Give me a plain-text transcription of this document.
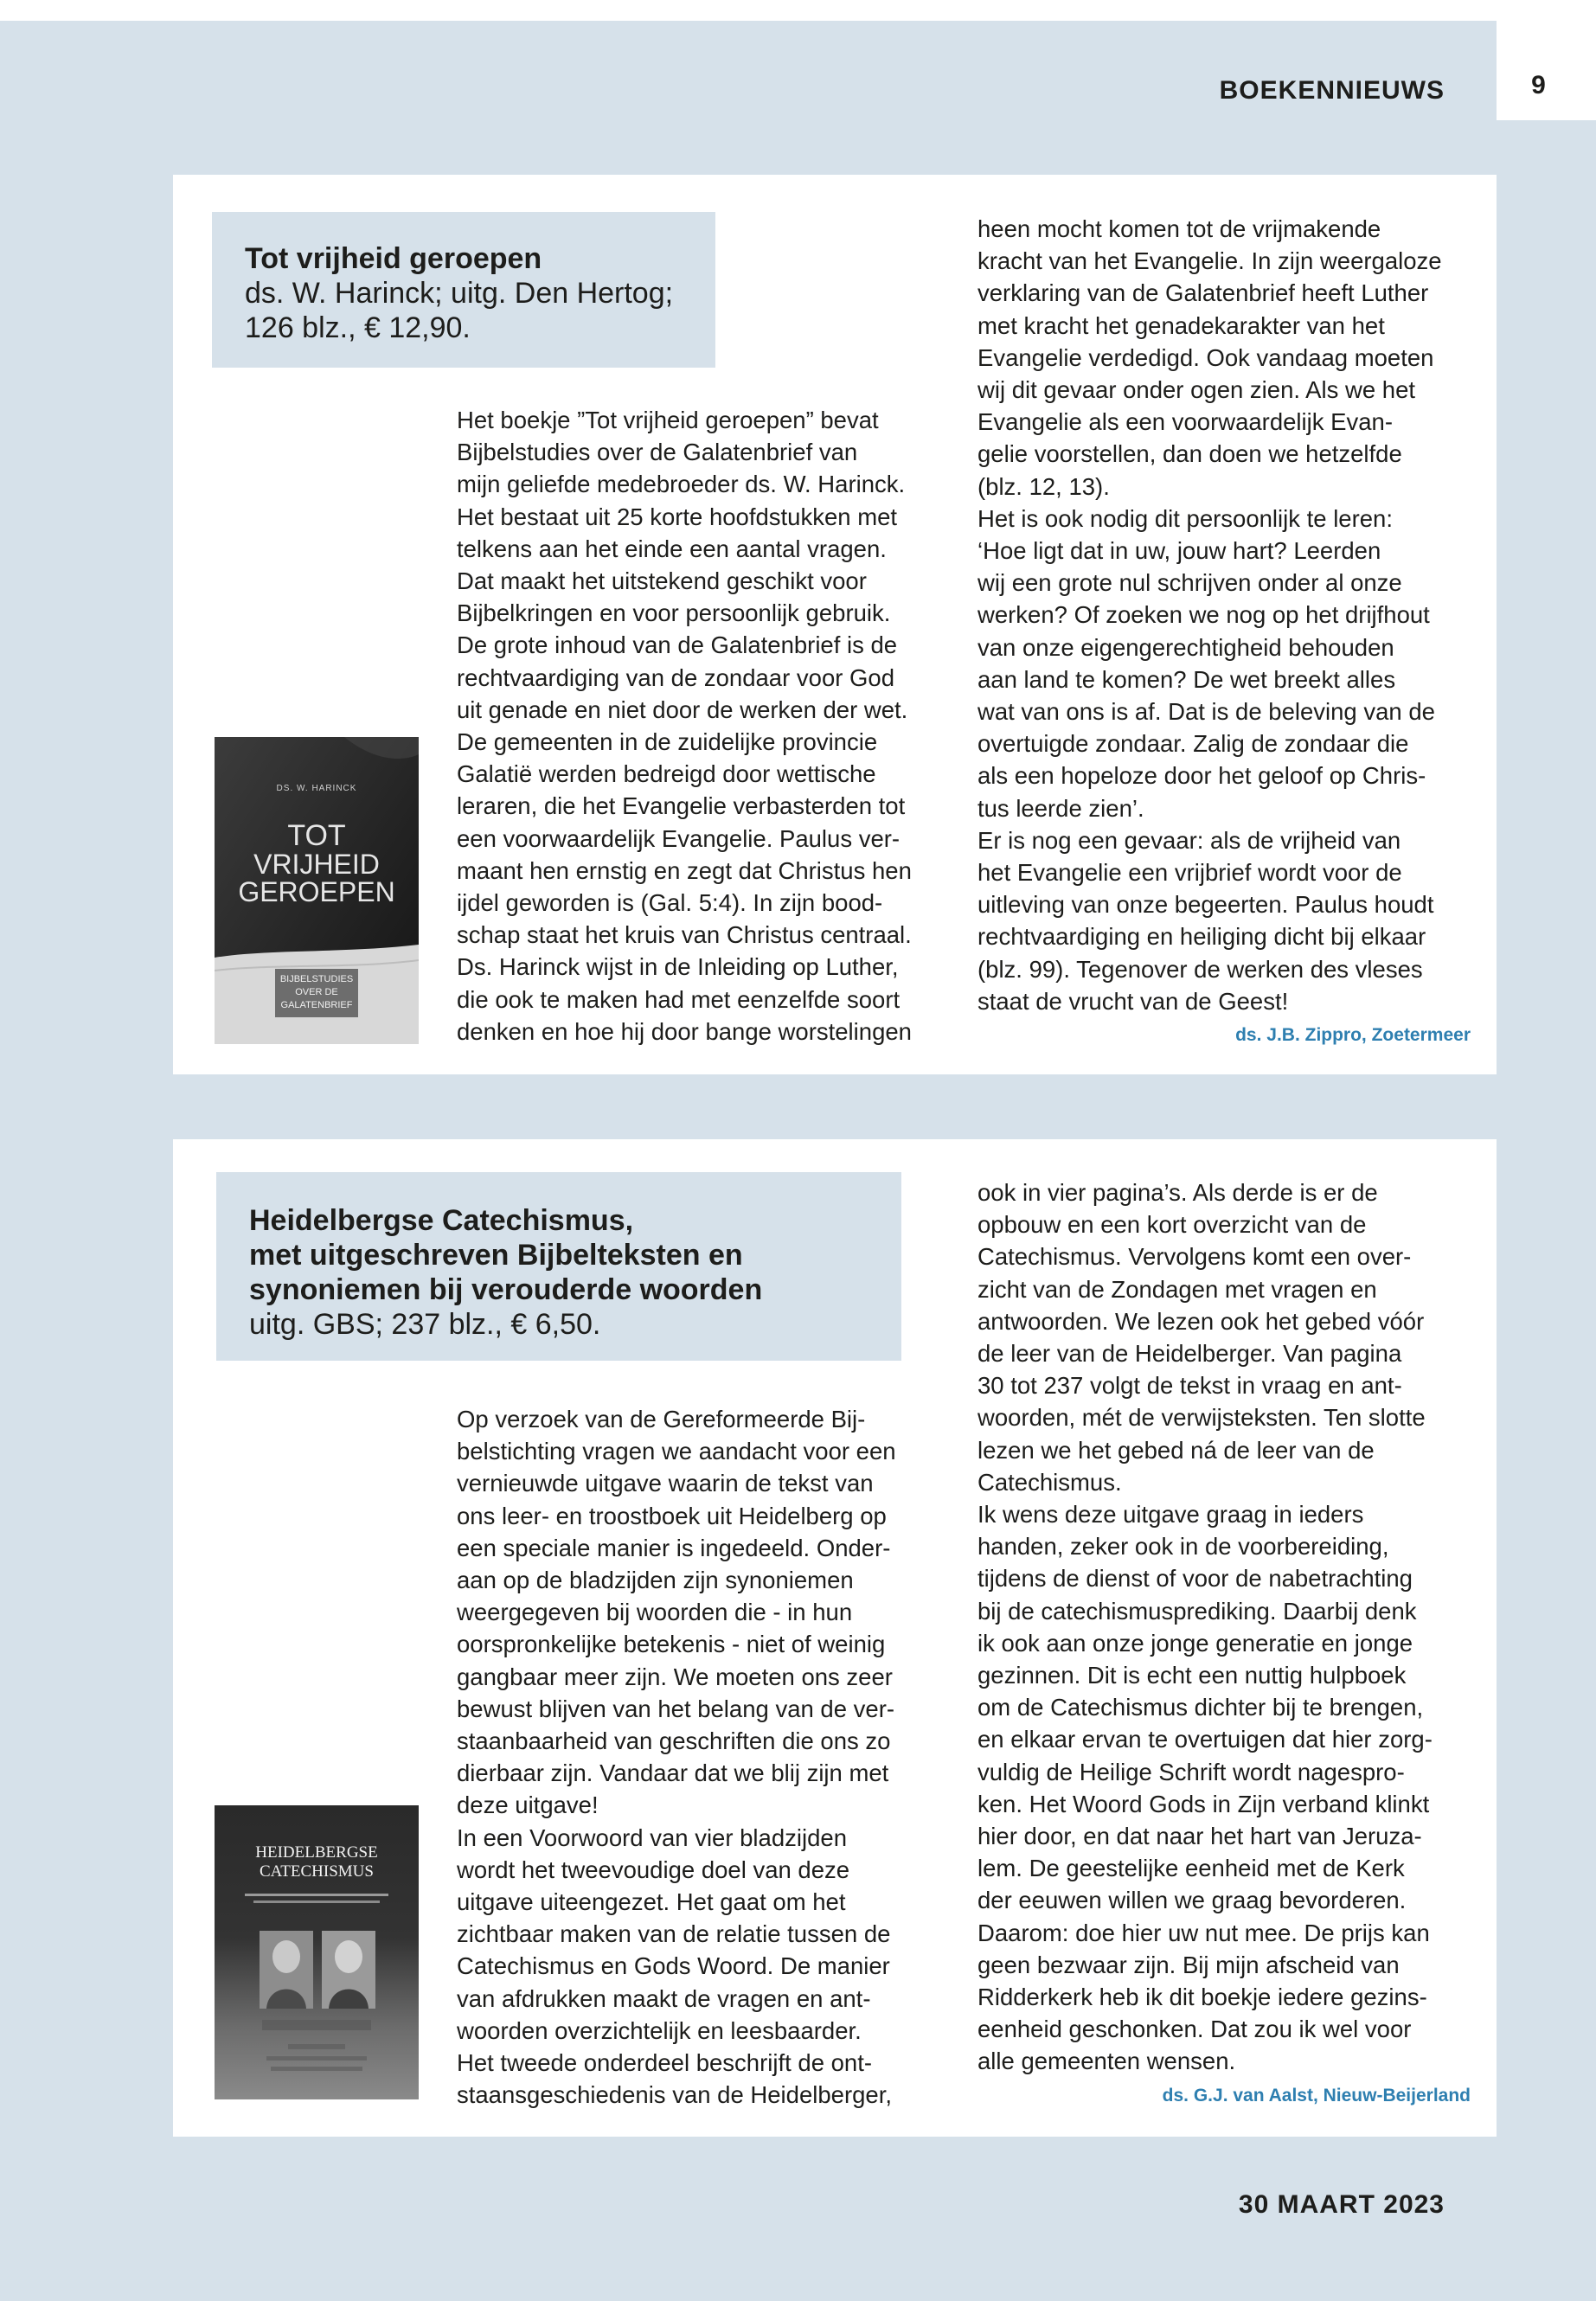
9
BOEKENNIEUWS
Tot vrijheid geroepen
ds. W. Harinck; uitg. Den Hertog;
126 blz., € 12,90.
DS. W. HARINCK
TOT
VRIJHEID
GEROEPEN
BIJBELSTUDIES
OVER DE
GALATENBRIEF

Het boekje ”Tot vrijheid geroepen” bevat

Bijbelstudies over de Galatenbrief van

mijn geliefde medebroeder ds. W. Harinck.

Het bestaat uit 25 korte hoofdstukken met

telkens aan het einde een aantal vragen.

Dat maakt het uitstekend geschikt voor

Bijbelkringen en voor persoonlijk gebruik.

De grote inhoud van de Galatenbrief is de

rechtvaardiging van de zondaar voor God

uit genade en niet door de werken der wet.

De gemeenten in de zuidelijke provincie

Galatië werden bedreigd door wettische

leraren, die het Evangelie verbasterden tot

een voorwaardelijk Evangelie. Paulus ver-

maant hen ernstig en zegt dat Christus hen

ijdel geworden is (Gal. 5:4). In zijn bood-

schap staat het kruis van Christus centraal.

Ds. Harinck wijst in de Inleiding op Luther,

die ook te maken had met eenzelfde soort

denken en hoe hij door bange worstelingen

heen mocht komen tot de vrijmakende

kracht van het Evangelie. In zijn weergaloze

verklaring van de Galatenbrief heeft Luther

met kracht het genadekarakter van het

Evangelie verdedigd. Ook vandaag moeten

wij dit gevaar onder ogen zien. Als we het

Evangelie als een voorwaardelijk Evan-

gelie voorstellen, dan doen we hetzelfde

(blz. 12, 13).

Het is ook nodig dit persoonlijk te leren:

‘Hoe ligt dat in uw, jouw hart? Leerden

wij een grote nul schrijven onder al onze

werken? Of zoeken we nog op het drijfhout

van onze eigengerechtigheid behouden

aan land te komen? De wet breekt alles

wat van ons is af. Dat is de beleving van de

overtuigde zondaar. Zalig de zondaar die

als een hopeloze door het geloof op Chris-

tus leerde zien’.

Er is nog een gevaar: als de vrijheid van

het Evangelie een vrijbrief wordt voor de

uitleving van onze begeerten. Paulus houdt

rechtvaardiging en heiliging dicht bij elkaar

(blz. 99). Tegenover de werken des vleses

staat de vrucht van de Geest!

ds. J.B. Zippro, Zoetermeer
Heidelbergse Catechismus,
met uitgeschreven Bijbelteksten en
synoniemen bij verouderde woorden
uitg. GBS; 237 blz., € 6,50.
HEIDELBERGSE
CATECHISMUS

Op verzoek van de Gereformeerde Bij-

belstichting vragen we aandacht voor een

vernieuwde uitgave waarin de tekst van

ons leer- en troostboek uit Heidelberg op

een speciale manier is ingedeeld. Onder-

aan op de bladzijden zijn synoniemen

weergegeven bij woorden die - in hun

oorspronkelijke betekenis - niet of weinig

gangbaar meer zijn. We moeten ons zeer

bewust blijven van het belang van de ver-

staanbaarheid van geschriften die ons zo

dierbaar zijn. Vandaar dat we blij zijn met

deze uitgave!

In een Voorwoord van vier bladzijden

wordt het tweevoudige doel van deze

uitgave uiteengezet. Het gaat om het

zichtbaar maken van de relatie tussen de

Catechismus en Gods Woord. De manier

van afdrukken maakt de vragen en ant-

woorden overzichtelijk en leesbaarder.

Het tweede onderdeel beschrijft de ont-

staansgeschiedenis van de Heidelberger,

ook in vier pagina’s. Als derde is er de

opbouw en een kort overzicht van de

Catechismus. Vervolgens komt een over-

zicht van de Zondagen met vragen en

antwoorden. We lezen ook het gebed vóór

de leer van de Heidelberger. Van pagina

30 tot 237 volgt de tekst in vraag en ant-

woorden, mét de verwijsteksten. Ten slotte

lezen we het gebed ná de leer van de

Catechismus.

Ik wens deze uitgave graag in ieders

handen, zeker ook in de voorbereiding,

tijdens de dienst of voor de nabetrachting

bij de catechismusprediking. Daarbij denk

ik ook aan onze jonge generatie en jonge

gezinnen. Dit is echt een nuttig hulpboek

om de Catechismus dichter bij te brengen,

en elkaar ervan te overtuigen dat hier zorg-

vuldig de Heilige Schrift wordt nagespro-

ken. Het Woord Gods in Zijn verband klinkt

hier door, en dat naar het hart van Jeruza-

lem. De geestelijke eenheid met de Kerk

der eeuwen willen we graag bevorderen.

Daarom: doe hier uw nut mee. De prijs kan

geen bezwaar zijn. Bij mijn afscheid van

Ridderkerk heb ik dit boekje iedere gezins-

eenheid geschonken. Dat zou ik wel voor

alle gemeenten wensen.

ds. G.J. van Aalst, Nieuw-Beijerland
30 MAART 2023
